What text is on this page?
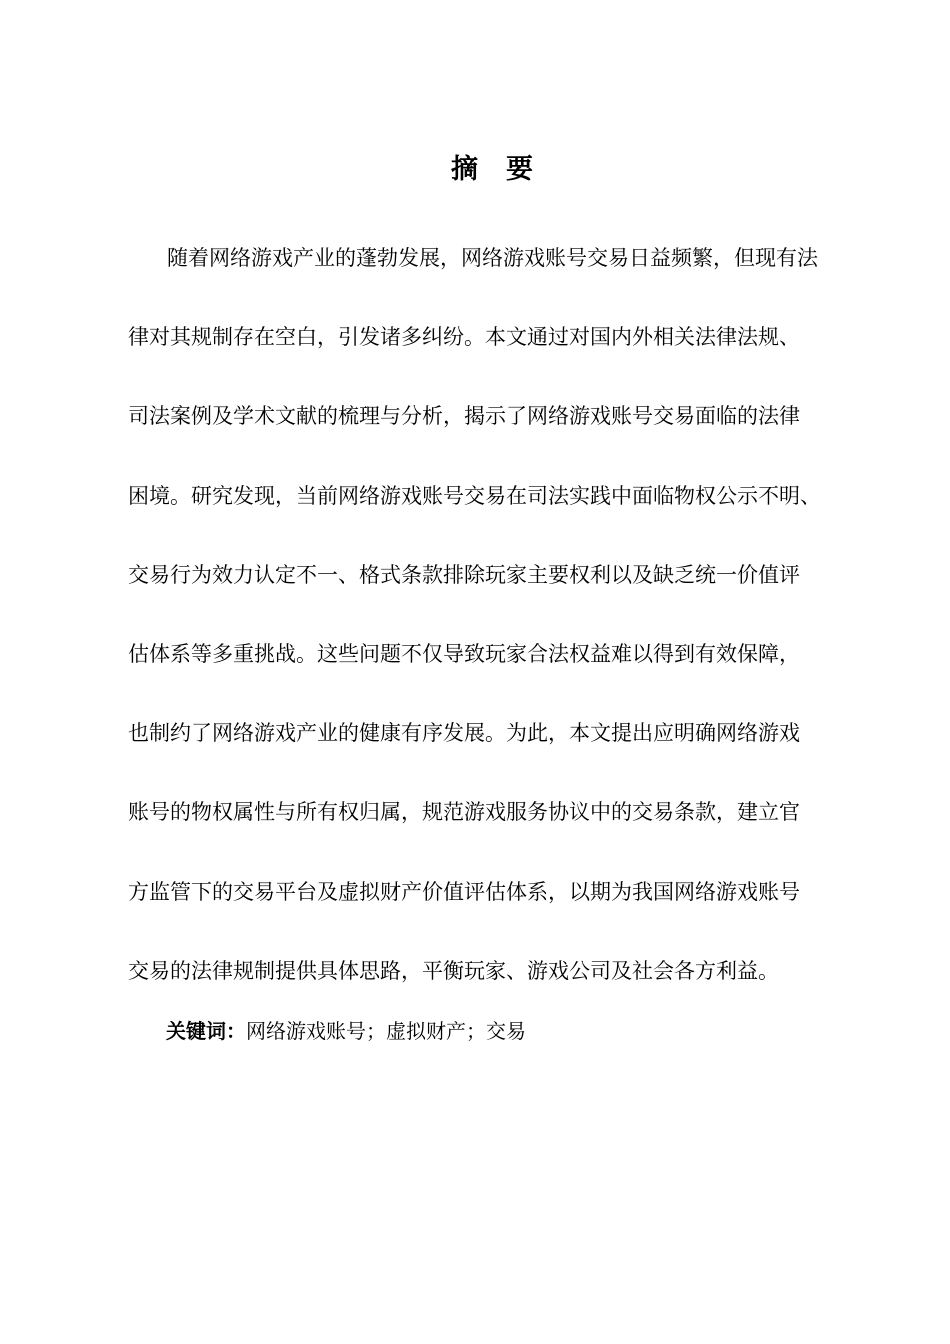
摘 要
随着网络游戏产业的蓬勃发展，网络游戏账号交易日益频繁，但现有法
律对其规制存在空白，引发诸多纠纷。本文通过对国内外相关法律法规、
司法案例及学术文献的梳理与分析，揭示了网络游戏账号交易面临的法律
困境。研究发现，当前网络游戏账号交易在司法实践中面临物权公示不明、
交易行为效力认定不一、格式条款排除玩家主要权利以及缺乏统一价值评
估体系等多重挑战。这些问题不仅导致玩家合法权益难以得到有效保障，
也制约了网络游戏产业的健康有序发展。为此，本文提出应明确网络游戏
账号的物权属性与所有权归属，规范游戏服务协议中的交易条款，建立官
方监管下的交易平台及虚拟财产价值评估体系，以期为我国网络游戏账号
交易的法律规制提供具体思路，平衡玩家、游戏公司及社会各方利益。
关键词：网络游戏账号；虚拟财产；交易
